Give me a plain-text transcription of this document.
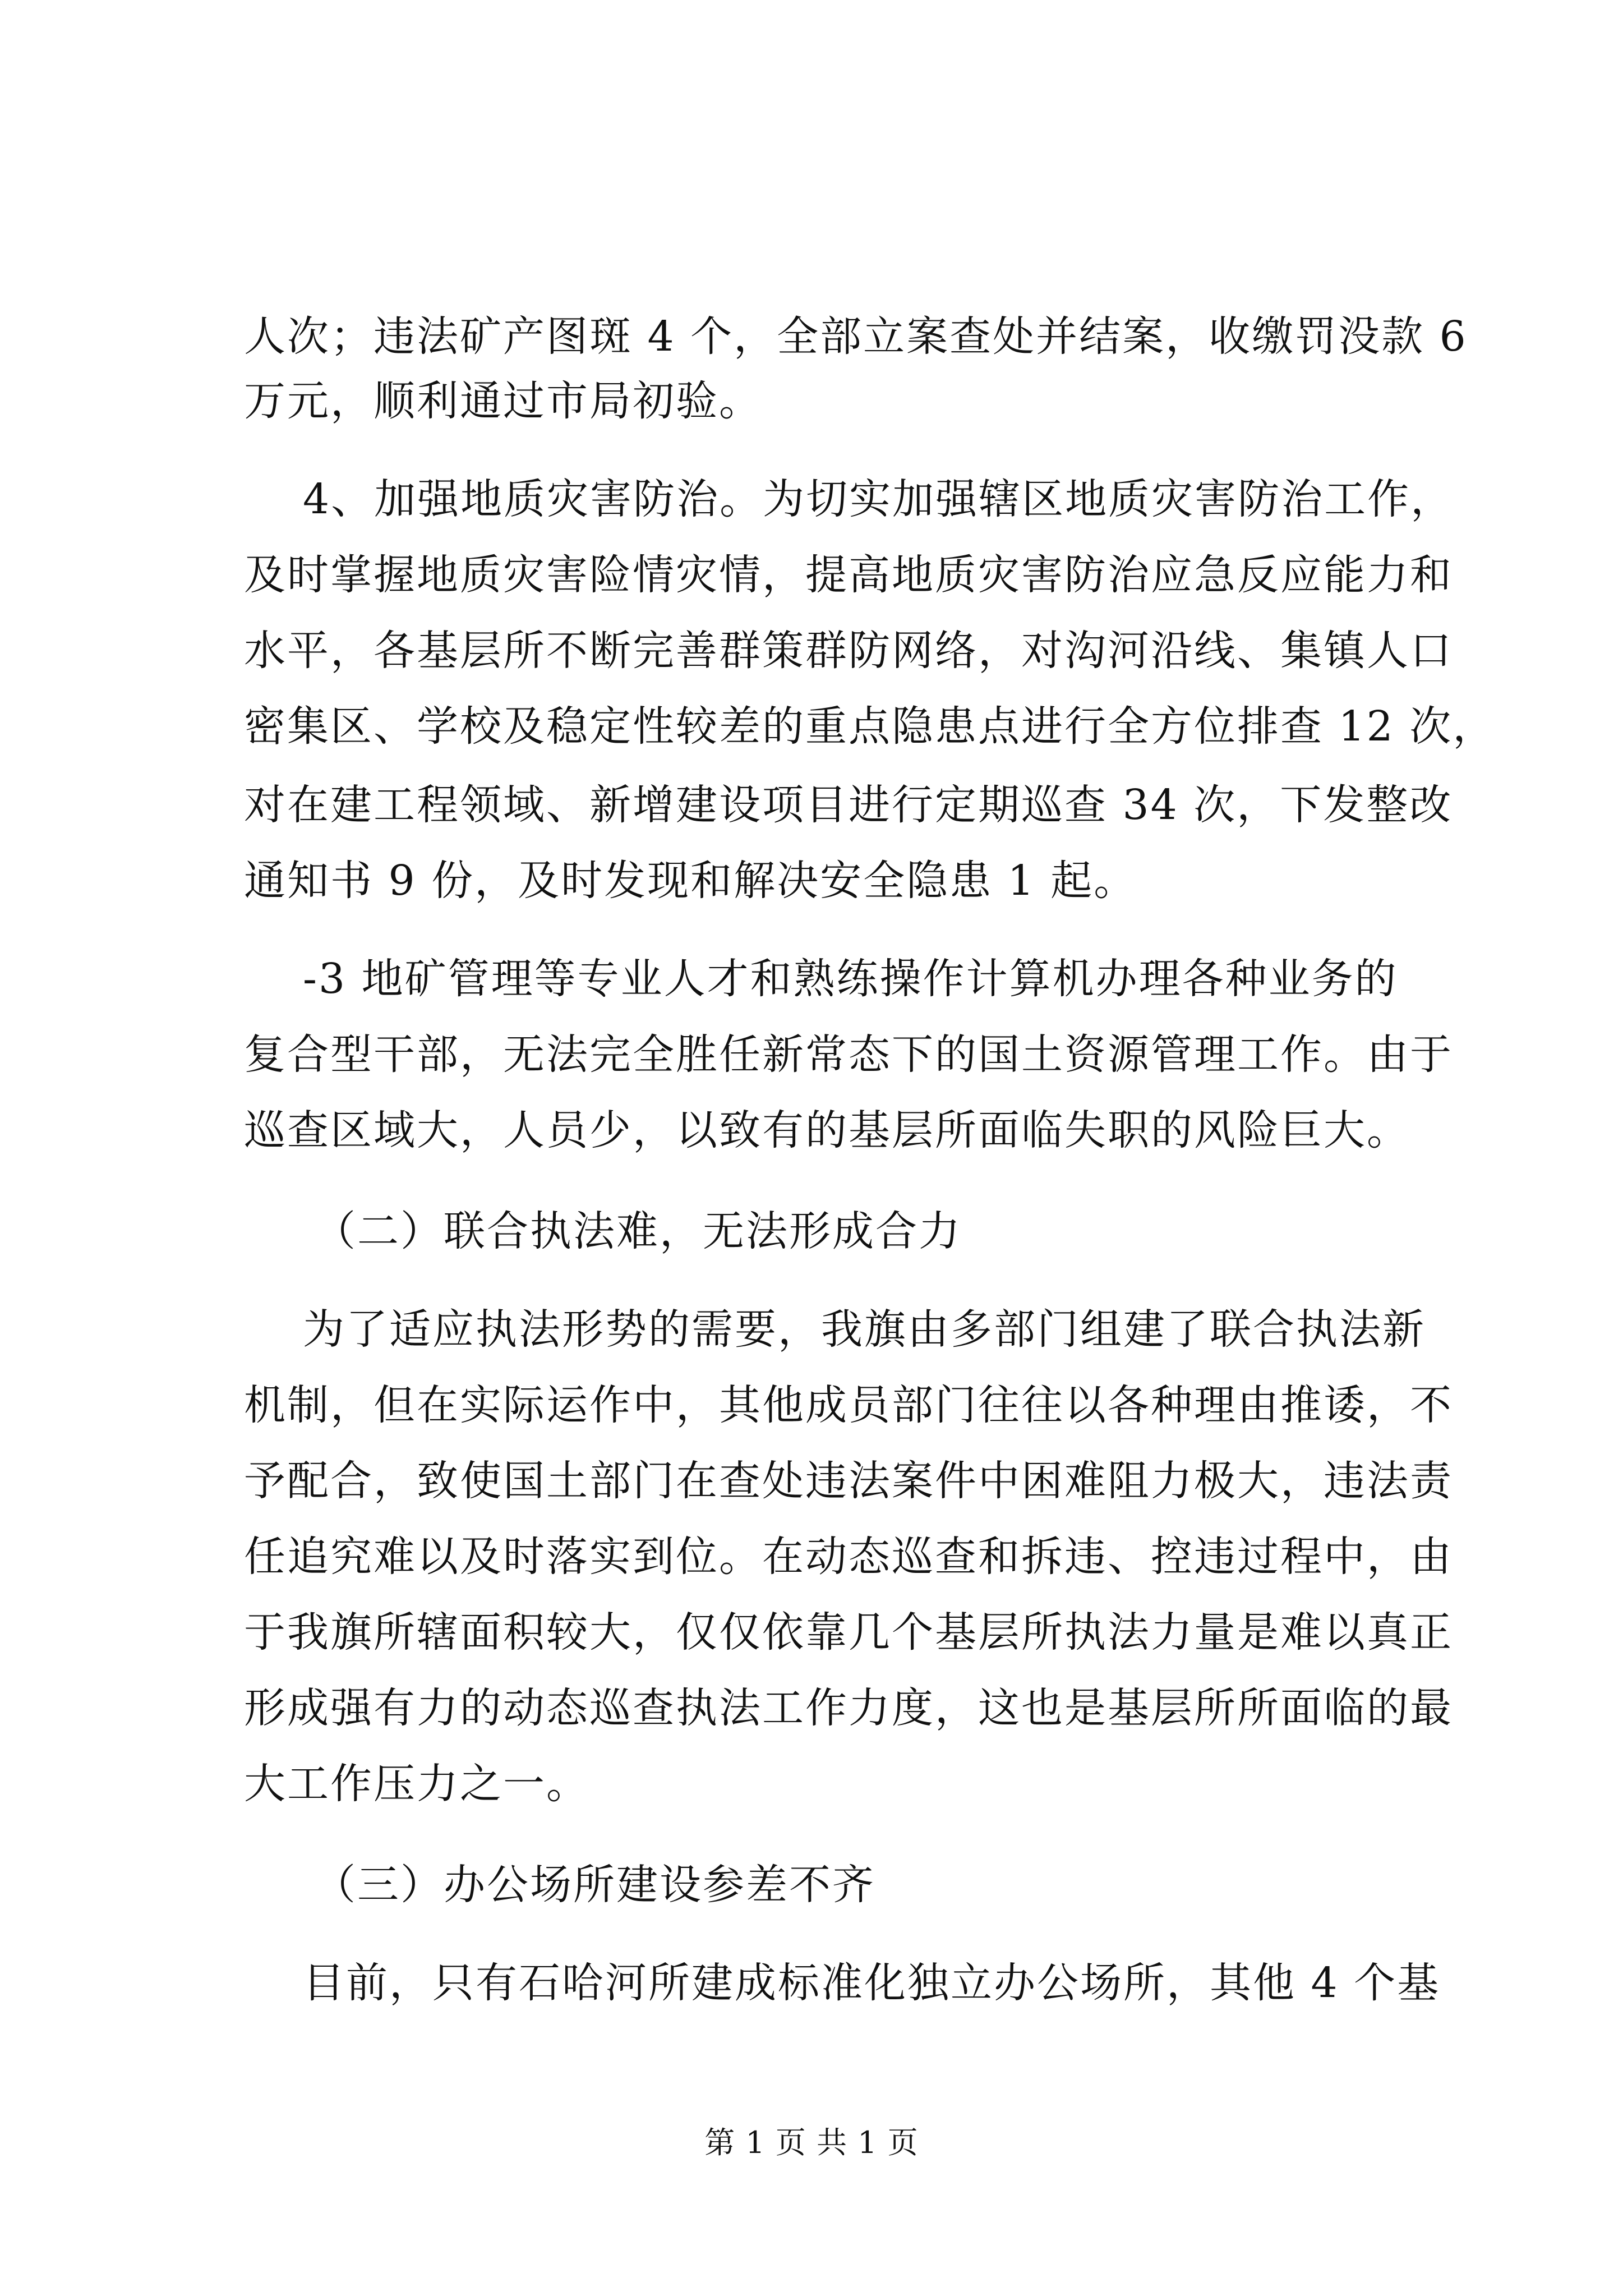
人次；违法矿产图斑 4 个，全部立案查处并结案，收缴罚没款 6

万元，顺利通过市局初验。

4、加强地质灾害防治。为切实加强辖区地质灾害防治工作，

及时掌握地质灾害险情灾情，提高地质灾害防治应急反应能力和

水平，各基层所不断完善群策群防网络，对沟河沿线、集镇人口

密集区、学校及稳定性较差的重点隐患点进行全方位排查 12 次，

对在建工程领域、新增建设项目进行定期巡查 34 次，下发整改

通知书 9 份，及时发现和解决安全隐患 1 起。

-3 地矿管理等专业人才和熟练操作计算机办理各种业务的

复合型干部，无法完全胜任新常态下的国土资源管理工作。由于

巡查区域大，人员少，以致有的基层所面临失职的风险巨大。

（二）联合执法难，无法形成合力

为了适应执法形势的需要，我旗由多部门组建了联合执法新

机制，但在实际运作中，其他成员部门往往以各种理由推诿，不

予配合，致使国土部门在查处违法案件中困难阻力极大，违法责

任追究难以及时落实到位。在动态巡查和拆违、控违过程中，由

于我旗所辖面积较大，仅仅依靠几个基层所执法力量是难以真正

形成强有力的动态巡查执法工作力度，这也是基层所所面临的最

大工作压力之一。

（三）办公场所建设参差不齐

目前，只有石哈河所建成标准化独立办公场所，其他 4 个基

第 1 页 共 1 页
